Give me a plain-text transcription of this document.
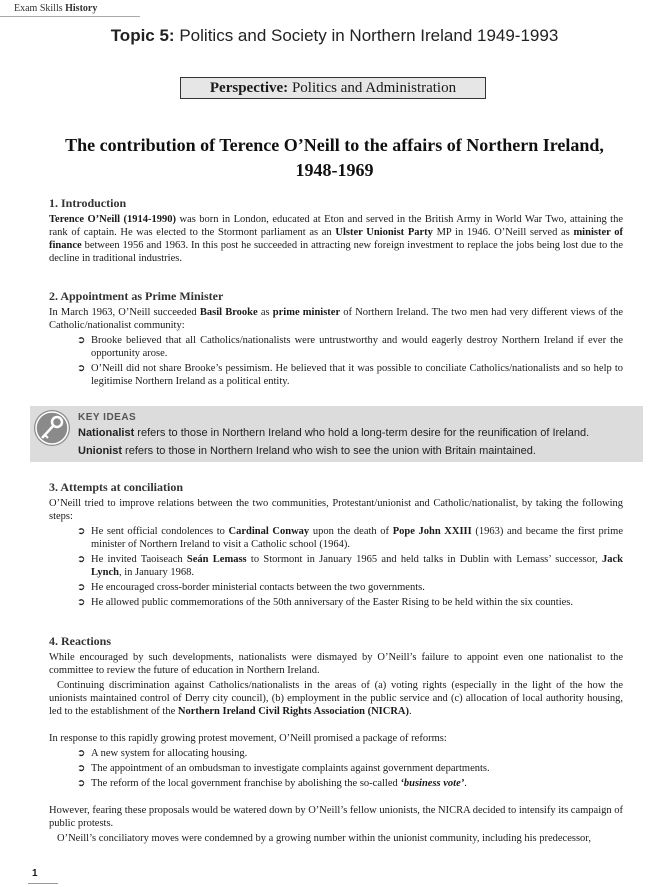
Exam Skills History
Topic 5: Politics and Society in Northern Ireland 1949-1993
Perspective: Politics and Administration
The contribution of Terence O’Neill to the affairs of Northern Ireland,
1948-1969
1. Introduction

Terence O’Neill (1914-1990) was born in London, educated at Eton and served in the British Army in World War Two, attaining the rank of captain. He was elected to the Stormont parliament as an Ulster Unionist Party MP in 1946. O’Neill served as minister of finance between 1956 and 1963. In this post he succeeded in attracting new foreign investment to replace the jobs being lost due to the decline in traditional industries.

2. Appointment as Prime Minister

In March 1963, O’Neill succeeded Basil Brooke as prime minister of Northern Ireland. The two men had very different views of the Catholic/nationalist community:

➲ Brooke believed that all Catholics/nationalists were untrustworthy and would eagerly destroy Northern Ireland if ever the opportunity arose.
➲ O’Neill did not share Brooke’s pessimism. He believed that it was possible to conciliate Catholics/nationalists and so help to legitimise Northern Ireland as a political entity.
KEY IDEAS
Nationalist refers to those in Northern Ireland who hold a long-term desire for the reunification of Ireland.
Unionist refers to those in Northern Ireland who wish to see the union with Britain maintained.
3. Attempts at conciliation

O’Neill tried to improve relations between the two communities, Protestant/unionist and Catholic/nationalist, by taking the following steps:

➲ He sent official condolences to Cardinal Conway upon the death of Pope John XXIII (1963) and became the first prime minister of Northern Ireland to visit a Catholic school (1964).
➲ He invited Taoiseach Seán Lemass to Stormont in January 1965 and held talks in Dublin with Lemass’ successor, Jack Lynch, in January 1968.
➲ He encouraged cross-border ministerial contacts between the two governments.
➲ He allowed public commemorations of the 50th anniversary of the Easter Rising to be held within the six counties.
4. Reactions

While encouraged by such developments, nationalists were dismayed by O’Neill’s failure to appoint even one nationalist to the committee to review the future of education in Northern Ireland.

Continuing discrimination against Catholics/nationalists in the areas of (a) voting rights (especially in the light of the how the unionists maintained control of Derry city council), (b) employment in the public service and (c) allocation of local authority housing, led to the establishment of the Northern Ireland Civil Rights Association (NICRA).

In response to this rapidly growing protest movement, O’Neill promised a package of reforms:

➲ A new system for allocating housing.
➲ The appointment of an ombudsman to investigate complaints against government departments.
➲ The reform of the local government franchise by abolishing the so-called ‘business vote’.

However, fearing these proposals would be watered down by O’Neill’s fellow unionists, the NICRA decided to intensify its campaign of public protests.

O’Neill’s conciliatory moves were condemned by a growing number within the unionist community, including his predecessor,

1
